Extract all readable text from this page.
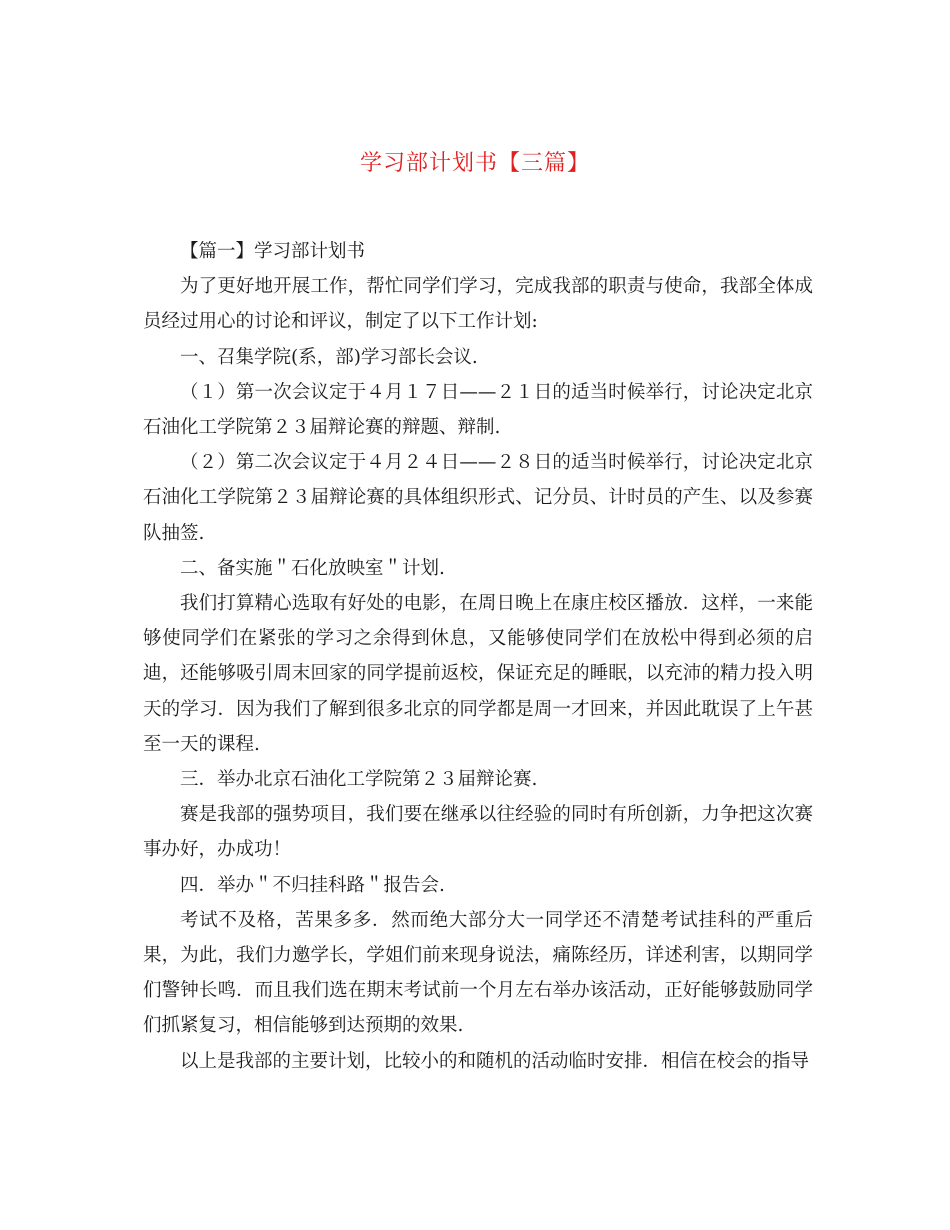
学习部计划书【三篇】

【篇一】学习部计划书

为了更好地开展工作，帮忙同学们学习，完成我部的职责与使命，我部全体成员经过用心的讨论和评议，制定了以下工作计划:

一、召集学院(系，部)学习部长会议.

（１）第一次会议定于４月１７日——２１日的适当时候举行，讨论决定北京石油化工学院第２３届辩论赛的辩题、辩制.

（２）第二次会议定于４月２４日——２８日的适当时候举行，讨论决定北京石油化工学院第２３届辩论赛的具体组织形式、记分员、计时员的产生、以及参赛队抽签.

二、备实施＂石化放映室＂计划.

我们打算精心选取有好处的电影，在周日晚上在康庄校区播放．这样，一来能够使同学们在紧张的学习之余得到休息，又能够使同学们在放松中得到必须的启迪，还能够吸引周末回家的同学提前返校，保证充足的睡眠，以充沛的精力投入明天的学习．因为我们了解到很多北京的同学都是周一才回来，并因此耽误了上午甚至一天的课程.

三．举办北京石油化工学院第２３届辩论赛.

赛是我部的强势项目，我们要在继承以往经验的同时有所创新，力争把这次赛事办好，办成功！

四．举办＂不归挂科路＂报告会.

考试不及格，苦果多多．然而绝大部分大一同学还不清楚考试挂科的严重后果，为此，我们力邀学长，学姐们前来现身说法，痛陈经历，详述利害，以期同学们警钟长鸣．而且我们选在期末考试前一个月左右举办该活动，正好能够鼓励同学们抓紧复习，相信能够到达预期的效果.

以上是我部的主要计划，比较小的和随机的活动临时安排．相信在校会的指导
